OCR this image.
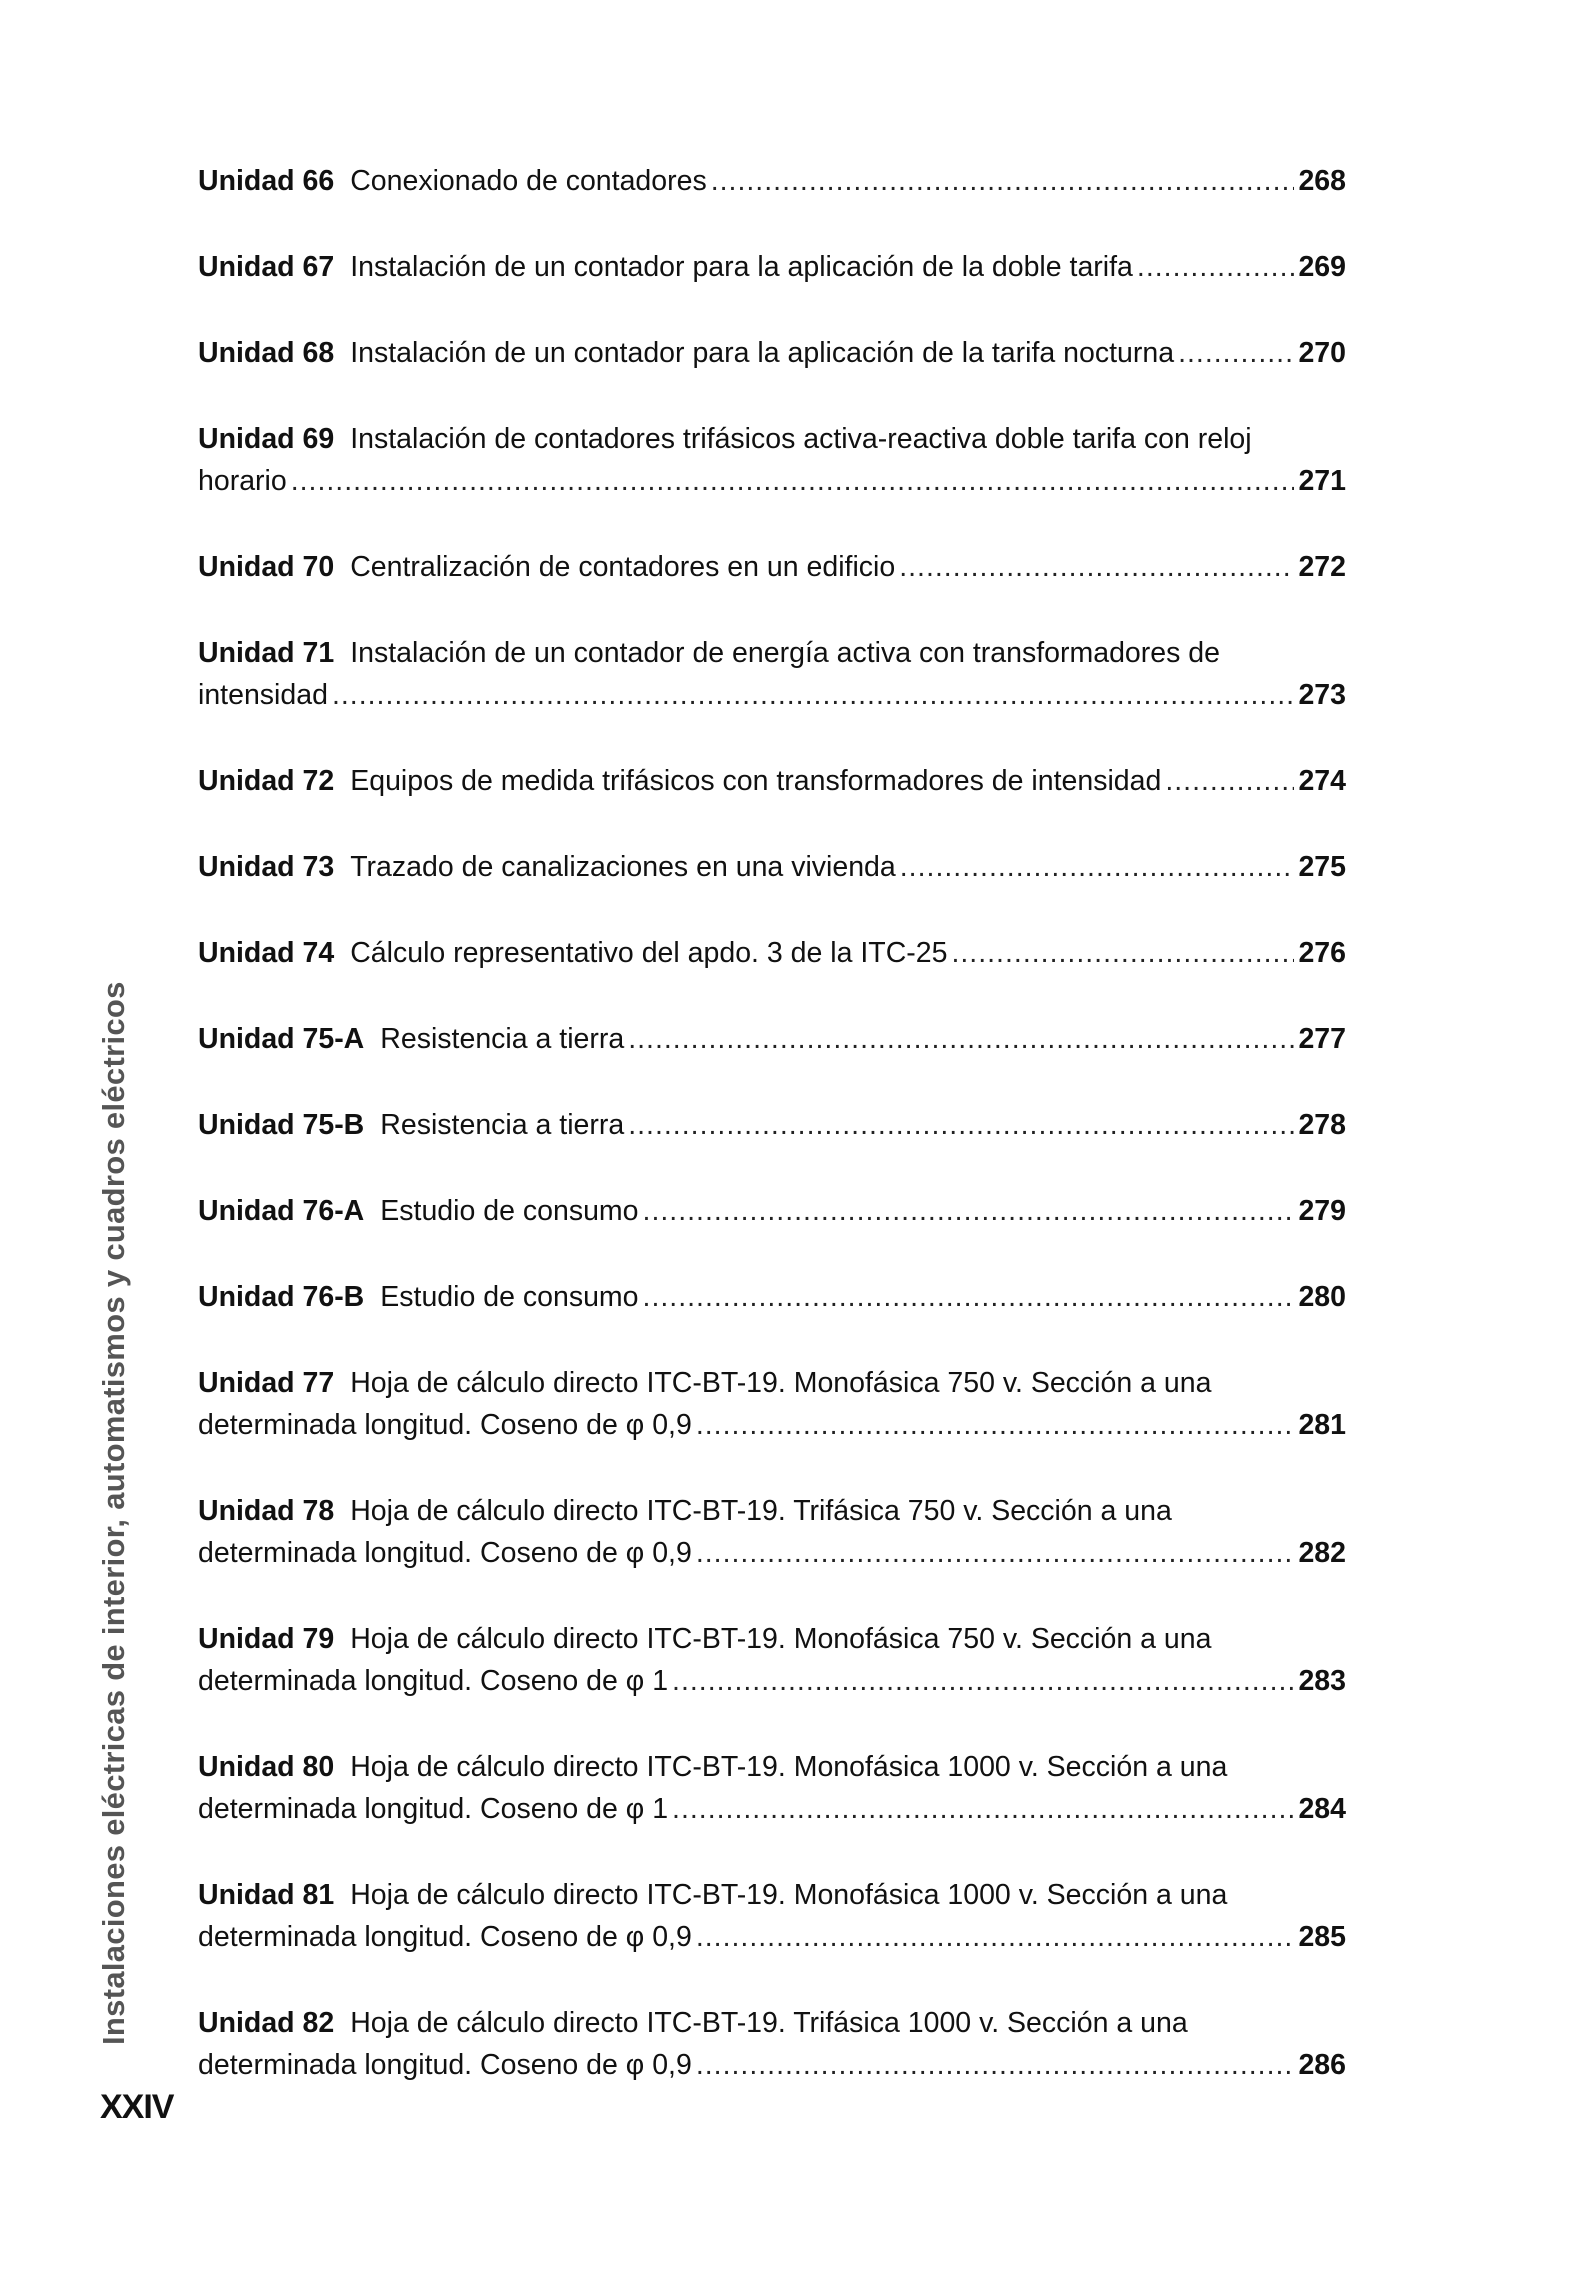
Unidad 66 Conexionado de contadores .....	268
Unidad 67 Instalación de un contador para la aplicación de la doble tarifa .....	269
Unidad 68 Instalación de un contador para la aplicación de la tarifa nocturna .....	270
Unidad 69 Instalación de contadores trifásicos activa-reactiva doble tarifa con reloj
horario .....	271
Unidad 70 Centralización de contadores en un edificio .....	272
Unidad 71 Instalación de un contador de energía activa con transformadores de
intensidad .....	273
Unidad 72 Equipos de medida trifásicos con transformadores de intensidad .....	274
Unidad 73 Trazado de canalizaciones en una vivienda .....	275
Unidad 74 Cálculo representativo del apdo. 3 de la ITC-25 .....	276
Unidad 75-A Resistencia a tierra .....	277
Unidad 75-B Resistencia a tierra .....	278
Unidad 76-A Estudio de consumo .....	279
Unidad 76-B Estudio de consumo .....	280
Unidad 77 Hoja de cálculo directo ITC-BT-19. Monofásica 750 v. Sección a una
determinada longitud. Coseno de φ 0,9 .....	281
Unidad 78 Hoja de cálculo directo ITC-BT-19. Trifásica 750 v. Sección a una
determinada longitud. Coseno de φ 0,9 .....	282
Unidad 79 Hoja de cálculo directo ITC-BT-19. Monofásica 750 v. Sección a una
determinada longitud. Coseno de φ 1 .....	283
Unidad 80 Hoja de cálculo directo ITC-BT-19. Monofásica 1000 v. Sección a una
determinada longitud. Coseno de φ 1 .....	284
Unidad 81 Hoja de cálculo directo ITC-BT-19. Monofásica 1000 v. Sección a una
determinada longitud. Coseno de φ 0,9 .....	285
Unidad 82 Hoja de cálculo directo ITC-BT-19. Trifásica 1000 v. Sección a una
determinada longitud. Coseno de φ 0,9 .....	286
Instalaciones eléctricas de interior, automatismos y cuadros eléctricos
XXIV
